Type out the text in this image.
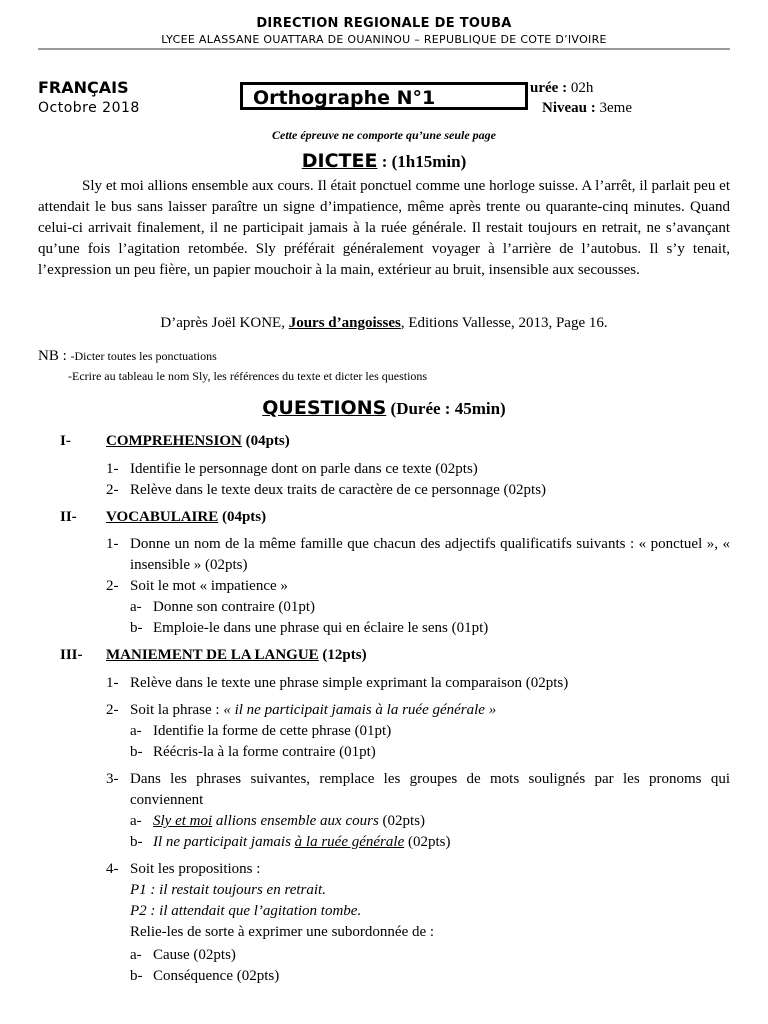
DIRECTION REGIONALE DE TOUBA
LYCEE ALASSANE OUATTARA DE OUANINOU – REPUBLIQUE DE COTE D’IVOIRE
FRANÇAIS
Octobre 2018
urée : 02h
Niveau : 3eme
Orthographe N°1
Cette épreuve ne comporte qu’une seule page
DICTEE : (1h15min)
Sly et moi allions ensemble aux cours. Il était ponctuel comme une horloge suisse. A l’arrêt, il parlait peu et attendait le bus sans laisser paraître un signe d’impatience, même après trente ou quarante-cinq minutes. Quand celui-ci arrivait finalement, il ne participait jamais à la ruée générale. Il restait toujours en retrait, ne s’avançant qu’une fois l’agitation retombée. Sly préférait généralement voyager à l’arrière de l’autobus. Il s’y tenait, l’expression un peu fière, un papier mouchoir à la main, extérieur au bruit, insensible aux secousses.
D’après Joël KONE, Jours d’angoisses, Editions Vallesse, 2013, Page 16.
NB : -Dicter toutes les ponctuations
-Ecrire au tableau le nom Sly, les références du texte et dicter les questions
QUESTIONS (Durée : 45min)
I- COMPREHENSION (04pts)
1- Identifie le personnage dont on parle dans ce texte (02pts)
2- Relève dans le texte deux traits de caractère de ce personnage (02pts)
II- VOCABULAIRE (04pts)
1- Donne un nom de la même famille que chacun des adjectifs qualificatifs suivants : « ponctuel », « insensible » (02pts)
2- Soit le mot « impatience »
a- Donne son contraire (01pt)
b- Emploie-le dans une phrase qui en éclaire le sens (01pt)
III- MANIEMENT DE LA LANGUE (12pts)
1- Relève dans le texte une phrase simple exprimant la comparaison (02pts)
2- Soit la phrase : « il ne participait jamais à la ruée générale »
a- Identifie la forme de cette phrase (01pt)
b- Réécris-la à la forme contraire (01pt)
3- Dans les phrases suivantes, remplace les groupes de mots soulignés par les pronoms qui conviennent
a- Sly et moi allions ensemble aux cours (02pts)
b- Il ne participait jamais à la ruée générale (02pts)
4- Soit les propositions :
P1 : il restait toujours en retrait.
P2 : il attendait que l’agitation tombe.
Relie-les de sorte à exprimer une subordonnée de :
a- Cause (02pts)
b- Conséquence (02pts)
